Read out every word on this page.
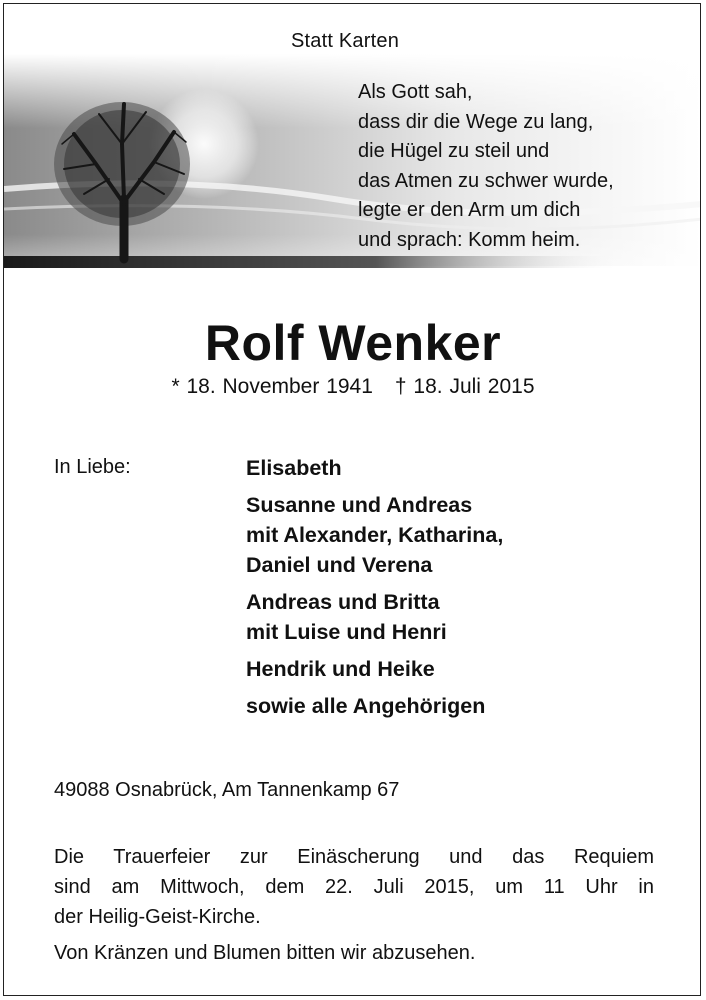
Statt Karten
Als Gott sah,
dass dir die Wege zu lang,
die Hügel zu steil und
das Atmen zu schwer wurde,
legte er den Arm um dich
und sprach: Komm heim.
Rolf Wenker
* 18. November 1941 † 18. Juli 2015
In Liebe:	Elisabeth
Susanne und Andreas
mit Alexander, Katharina,
Daniel und Verena
Andreas und Britta
mit Luise und Henri
Hendrik und Heike
sowie alle Angehörigen
49088 Osnabrück, Am Tannenkamp 67
Die Trauerfeier zur Einäscherung und das Requiem
sind am Mittwoch, dem 22. Juli 2015, um 11 Uhr in
der Heilig-Geist-Kirche.
Von Kränzen und Blumen bitten wir abzusehen.
